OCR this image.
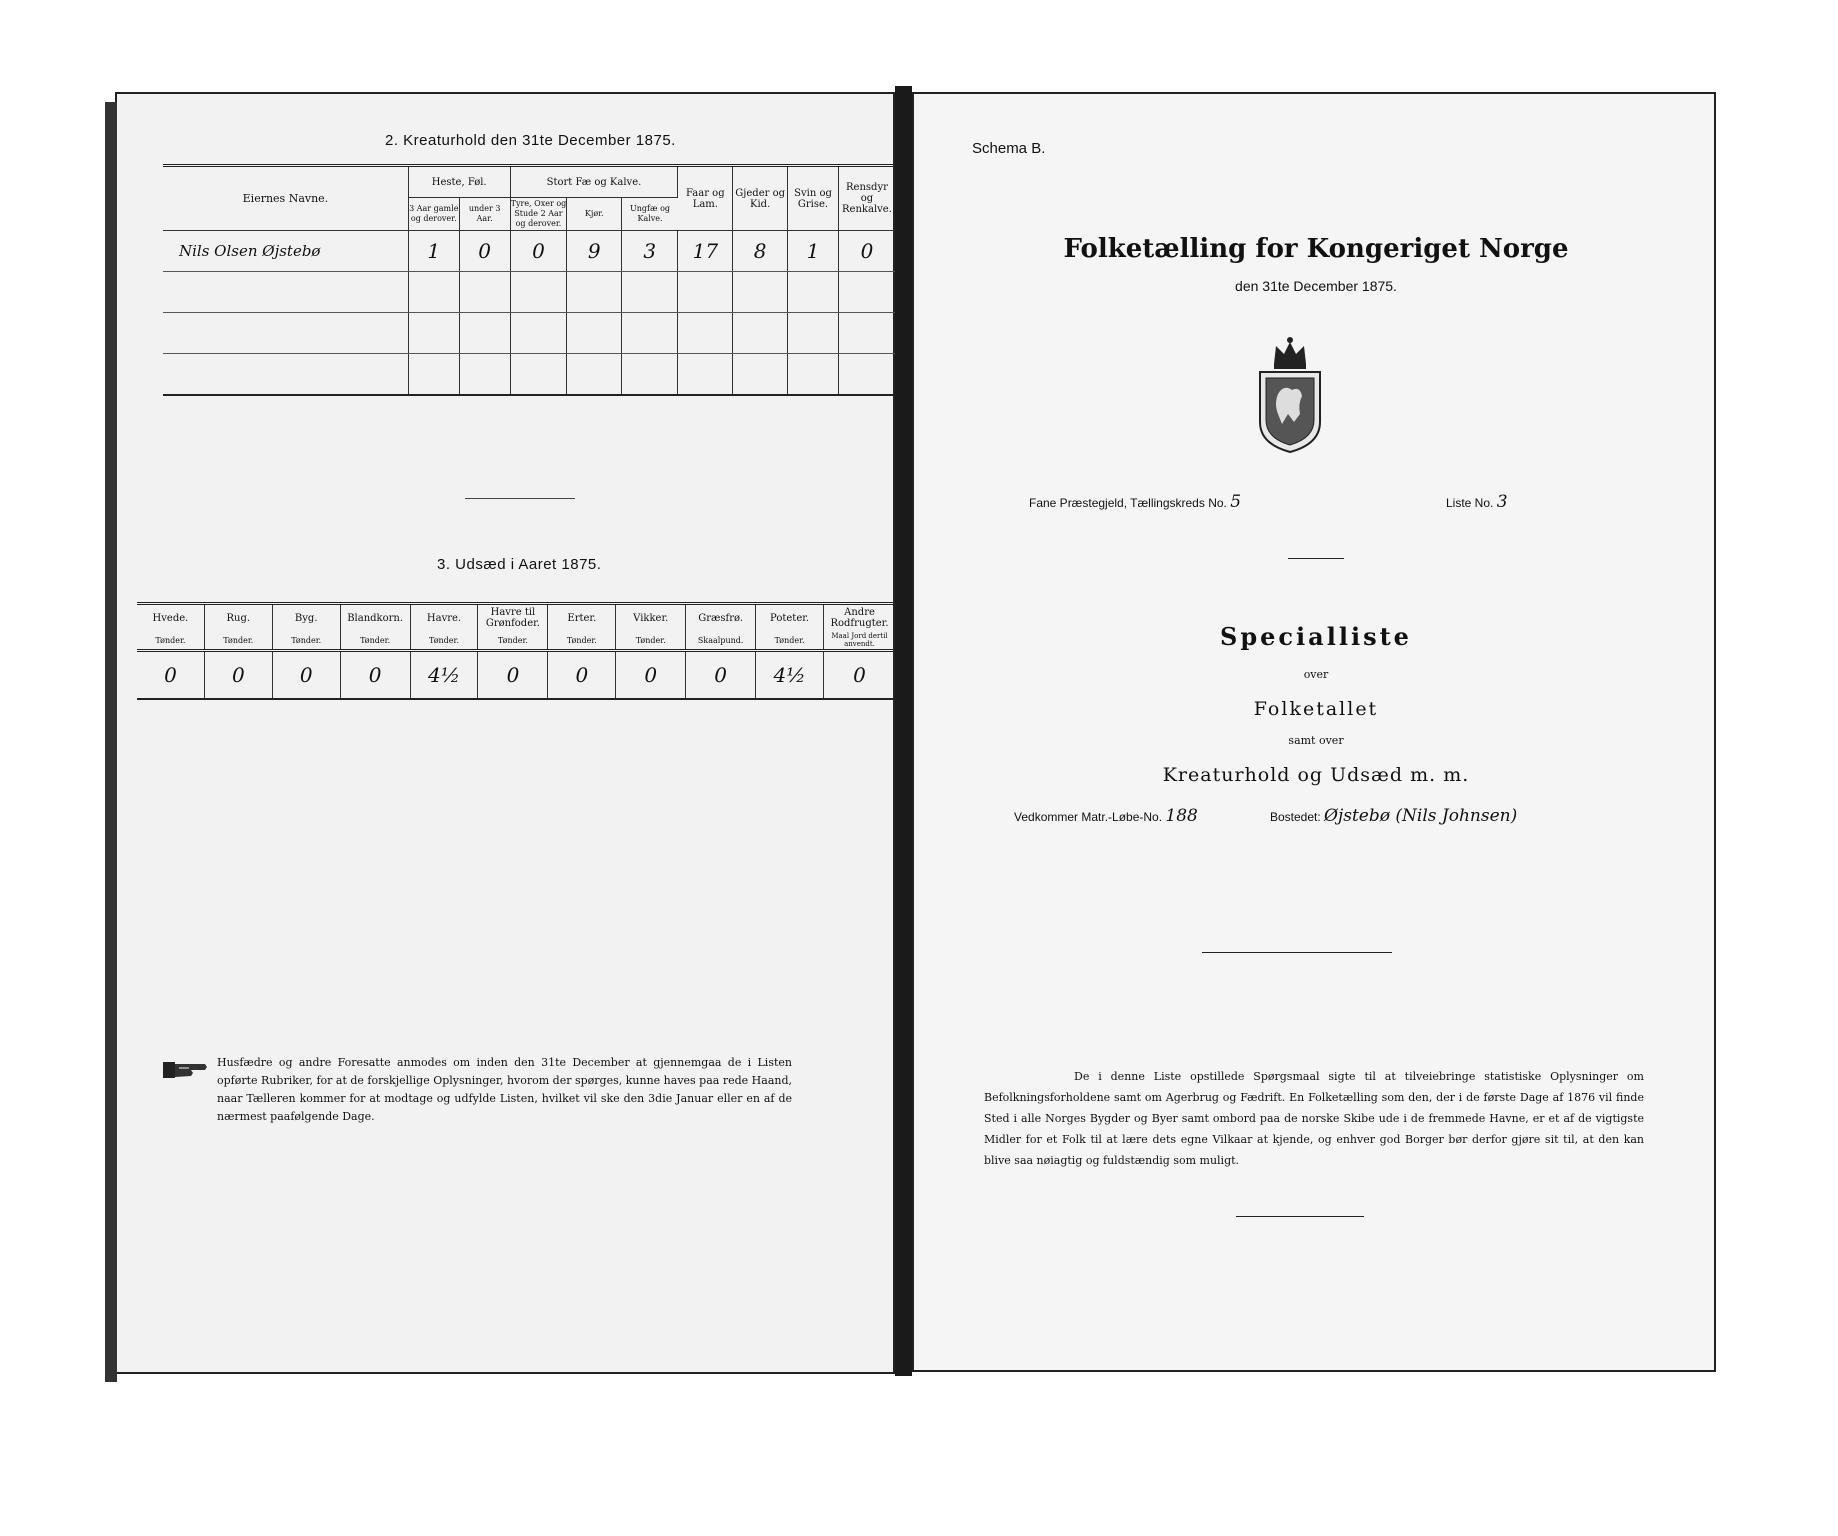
2. Kreaturhold den 31te December 1875.
Eiernes Navne.	Heste, Føl.		Stort Fæ og Kalve.			Faar og Lam.	Gjeder og Kid.	Svin og Grise.	Rensdyr og Renkalve.
	3 Aar gamle og derover.	under 3 Aar.	Tyre, Oxer og Stude 2 Aar og derover.	Kjør.	Ungfæ og Kalve.				
Nils Olsen Øjstebø	1	0	0	9	3	17	8	1	0

3. Udsæd i Aaret 1875.
Hvede.	Rug.	Byg.	Blandkorn.	Havre.	Havre til Grønfoder.	Erter.	Vikker.	Græsfrø.	Poteter.	Andre Rodfrugter.
Tønder.	Tønder.	Tønder.	Tønder.	Tønder.	Tønder.	Tønder.	Tønder.	Skaalpund.	Tønder.	Maal Jord dertil anvendt.
0	0	0	0	4½	0	0	0	0	4½	0
Husfædre og andre Foresatte anmodes om inden den 31te December at gjennemgaa de i Listen opførte Rubriker, for at de forskjellige Oplysninger, hvorom der spørges, kunne haves paa rede Haand, naar Tælleren kommer for at modtage og udfylde Listen, hvilket vil ske den 3die Januar eller en af de nærmest paafølgende Dage.
Schema B.
Folketælling for Kongeriget Norge
den 31te December 1875.
Fane Præstegjeld, Tællingskreds No. 5	Liste No. 3
Specialliste
over
Folketallet
samt over
Kreaturhold og Udsæd m. m.
Vedkommer Matr.-Løbe-No. 188	Bostedet: Øjstebø (Nils Johnsen)
De i denne Liste opstillede Spørgsmaal sigte til at tilveiebringe statistiske Oplysninger om Befolkningsforholdene samt om Agerbrug og Fædrift. En Folketælling som den, der i de første Dage af 1876 vil finde Sted i alle Norges Bygder og Byer samt ombord paa de norske Skibe ude i de fremmede Havne, er et af de vigtigste Midler for et Folk til at lære dets egne Vilkaar at kjende, og enhver god Borger bør derfor gjøre sit til, at den kan blive saa nøiagtig og fuldstændig som muligt.
